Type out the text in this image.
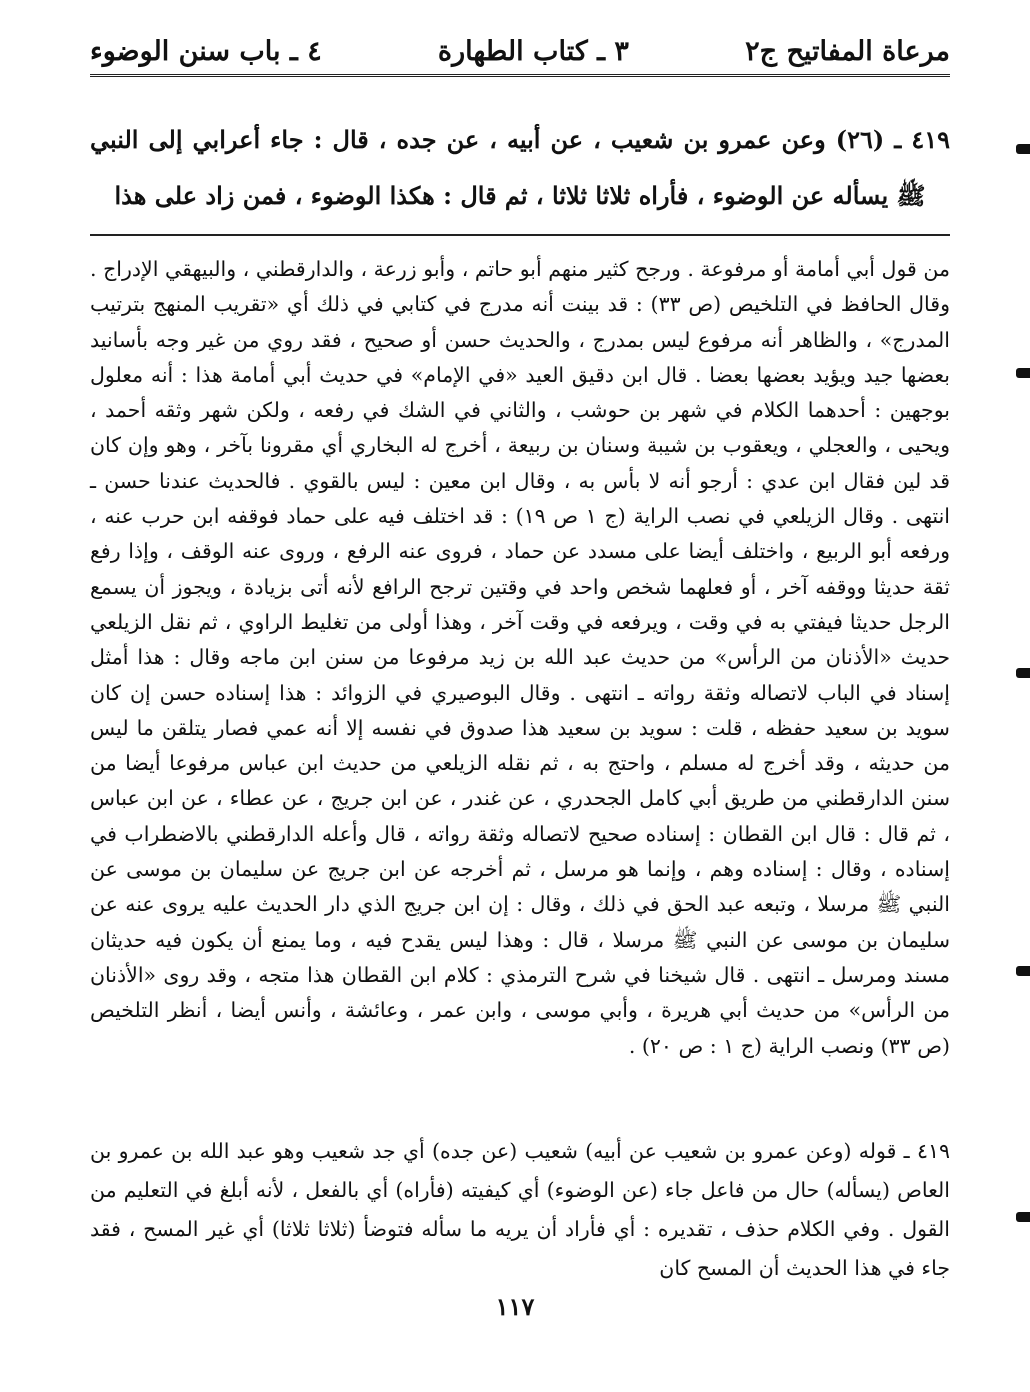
مرعاة المفاتيح ج٢
٣ ـ كتاب الطهارة
٤ ـ باب سنن الوضوء
٤١٩ ـ (٢٦) وعن عمرو بن شعيب ، عن أبيه ، عن جده ، قال : جاء أعرابي إلى النبي ﷺ يسأله عن الوضوء ، فأراه ثلاثا ثلاثا ، ثم قال : هكذا الوضوء ، فمن زاد على هذا
من قول أبي أمامة أو مرفوعة . ورجح كثير منهم أبو حاتم ، وأبو زرعة ، والدارقطني ، والبيهقي الإدراج . وقال الحافظ في التلخيص (ص ٣٣) : قد بينت أنه مدرج في كتابي في ذلك أي «تقريب المنهج بترتيب المدرج» ، والظاهر أنه مرفوع ليس بمدرج ، والحديث حسن أو صحيح ، فقد روي من غير وجه بأسانيد بعضها جيد ويؤيد بعضها بعضا . قال ابن دقيق العيد «في الإمام» في حديث أبي أمامة هذا : أنه معلول بوجهين : أحدهما الكلام في شهر بن حوشب ، والثاني في الشك في رفعه ، ولكن شهر وثقه أحمد ، ويحيى ، والعجلي ، ويعقوب بن شيبة وسنان بن ربيعة ، أخرج له البخاري أي مقرونا بآخر ، وهو وإن كان قد لين فقال ابن عدي : أرجو أنه لا بأس به ، وقال ابن معين : ليس بالقوي . فالحديث عندنا حسن ـ انتهى . وقال الزيلعي في نصب الراية (ج ١ ص ١٩) : قد اختلف فيه على حماد فوقفه ابن حرب عنه ، ورفعه أبو الربيع ، واختلف أيضا على مسدد عن حماد ، فروى عنه الرفع ، وروى عنه الوقف ، وإذا رفع ثقة حديثا ووقفه آخر ، أو فعلهما شخص واحد في وقتين ترجح الرافع لأنه أتى بزيادة ، ويجوز أن يسمع الرجل حديثا فيفتي به في وقت ، ويرفعه في وقت آخر ، وهذا أولى من تغليط الراوي ، ثم نقل الزيلعي حديث «الأذنان من الرأس» من حديث عبد الله بن زيد مرفوعا من سنن ابن ماجه وقال : هذا أمثل إسناد في الباب لاتصاله وثقة رواته ـ انتهى . وقال البوصيري في الزوائد : هذا إسناده حسن إن كان سويد بن سعيد حفظه ، قلت : سويد بن سعيد هذا صدوق في نفسه إلا أنه عمي فصار يتلقن ما ليس من حديثه ، وقد أخرج له مسلم ، واحتج به ، ثم نقله الزيلعي من حديث ابن عباس مرفوعا أيضا من سنن الدارقطني من طريق أبي كامل الجحدري ، عن غندر ، عن ابن جريج ، عن عطاء ، عن ابن عباس ، ثم قال : قال ابن القطان : إسناده صحيح لاتصاله وثقة رواته ، قال وأعله الدارقطني بالاضطراب في إسناده ، وقال : إسناده وهم ، وإنما هو مرسل ، ثم أخرجه عن ابن جريج عن سليمان بن موسى عن النبي ﷺ مرسلا ، وتبعه عبد الحق في ذلك ، وقال : إن ابن جريج الذي دار الحديث عليه يروى عنه عن سليمان بن موسى عن النبي ﷺ مرسلا ، قال : وهذا ليس يقدح فيه ، وما يمنع أن يكون فيه حديثان مسند ومرسل ـ انتهى . قال شيخنا في شرح الترمذي : كلام ابن القطان هذا متجه ، وقد روى «الأذنان من الرأس» من حديث أبي هريرة ، وأبي موسى ، وابن عمر ، وعائشة ، وأنس أيضا ، أنظر التلخيص (ص ٣٣) ونصب الراية (ج ١ : ص ٢٠) .
٤١٩ ـ قوله (وعن عمرو بن شعيب عن أبيه) شعيب (عن جده) أي جد شعيب وهو عبد الله بن عمرو بن العاص (يسأله) حال من فاعل جاء (عن الوضوء) أي كيفيته (فأراه) أي بالفعل ، لأنه أبلغ في التعليم من القول . وفي الكلام حذف ، تقديره : أي فأراد أن يريه ما سأله فتوضأ (ثلاثا ثلاثا) أي غير المسح ، فقد جاء في هذا الحديث أن المسح كان
١١٧
